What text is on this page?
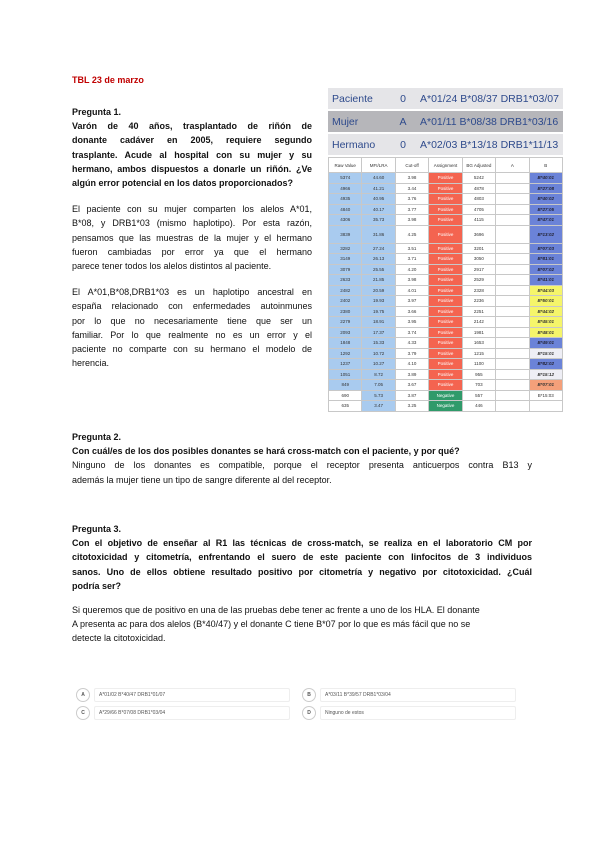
TBL 23 de marzo
Pregunta 1.
Varón de 40 años, trasplantado de riñón de
donante cadáver en 2005, requiere segundo
trasplante. Acude al hospital con su mujer y su
hermano, ambos dispuestos a donarle un riñón. ¿Ve
algún error potencial en los datos proporcionados?
El paciente con su mujer comparten los alelos A*01,
B*08, y DRB1*03 (mismo haplotipo). Por esta razón,
pensamos que las muestras de la mujer y el hermano
fueron cambiadas por error ya que el hermano
parece tener todos los alelos distintos al paciente.
El A*01,B*08,DRB1*03 es un haplotipo ancestral en
españa relacionado con enfermedades autoinmunes
por lo que no necesariamente tiene que ser un
familiar. Por lo que realmente no es un error y el
paciente no comparte con su hermano el modelo de
herencia.
Paciente	0	A*01/24 B*08/37 DRB1*03/07
Mujer	A	A*01/11 B*08/38 DRB1*03/16
Hermano	0	A*02/03 B*13/18 DRB1*11/13
Raw Value	MFI/LRA	Cut-off	Assignment	BG Adjusted	A	B
5374	44.60	3.98	Positive	5242		B*40:01
4966	41.21	3.44	Positive	4878		B*27:08
4935	40.95	3.76	Positive	4803		B*40:02
4840	40.17	3.77	Positive	4705		B*27:05
4306	35.73	3.98	Positive	4115		B*47:01
3839	31.86	4.25	Positive	3696		B*13:02
3282	27.24	3.51	Positive	3201		B*07:03
3149	26.13	3.71	Positive	3050		B*81:01
3079	25.55	4.20	Positive	2917		B*07:02
2633	21.85	3.98	Positive	2529		B*41:01
2482	20.59	4.01	Positive	2328		B*44:03
2402	19.93	3.97	Positive	2236		B*50:01
2380	19.75	3.66	Positive	2251		B*44:02
2279	18.91	3.95	Positive	2142		B*45:01
2093	17.37	3.74	Positive	1981		B*48:01
1848	15.33	4.33	Positive	1653		B*49:01
1292	10.72	3.79	Positive	1215		B*15:01
1237	10.27	4.10	Positive	1100		B*82:02
1051	8.72	3.89	Positive	955		B*15:12
849	7.05	3.67	Positive	703		B*07:01
690	5.73	3.87	Negative	557		B*15:03
635	3.47	3.25	Negative	446		
Pregunta 2.
Con cuál/es de los dos posibles donantes se hará cross-match con el paciente, y por qué?
Ninguno de los donantes es compatible, porque el receptor presenta anticuerpos contra B13 y
además la mujer tiene un tipo de sangre diferente al del receptor.
Pregunta 3.
Con el objetivo de enseñar al R1 las técnicas de cross-match, se realiza en el laboratorio CM por
citotoxicidad y citometría, enfrentando el suero de este paciente con linfocitos de 3 individuos
sanos. Uno de ellos obtiene resultado positivo por citometría y negativo por citotoxicidad. ¿Cuál
podría ser?
Si queremos que de positivo en una de las pruebas debe tener ac frente a uno de los HLA. El donante
A presenta ac para dos alelos (B*40/47) y el donante C tiene B*07 por lo que es más fácil que no se
detecte la citotoxicidad.
A	A*01/02 B*40/47 DRB1*01/07	B	A*03/11 B*39/57 DRB1*03/04
C	A*29/66 B*07/08 DRB1*03/04	D	Ninguno de estos
